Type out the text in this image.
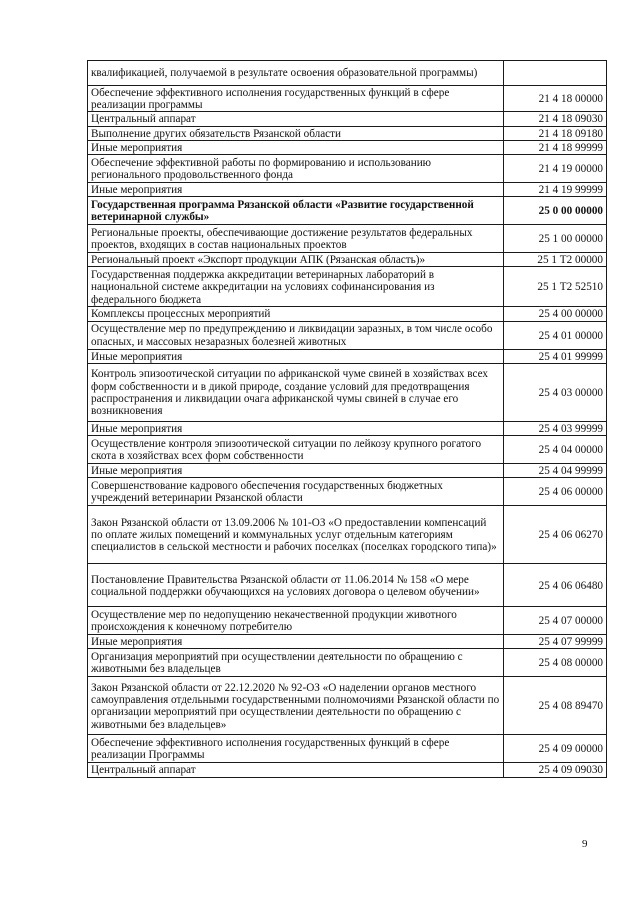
квалификацией, получаемой в результате освоения образовательной программы)	
Обеспечение эффективного исполнения государственных функций в сфере реализации программы	21 4 18 00000
Центральный аппарат	21 4 18 09030
Выполнение других обязательств Рязанской области	21 4 18 09180
Иные мероприятия	21 4 18 99999
Обеспечение эффективной работы по формированию и использованию регионального продовольственного фонда	21 4 19 00000
Иные мероприятия	21 4 19 99999
Государственная программа Рязанской области «Развитие государственной ветеринарной службы»	25 0 00 00000
Региональные проекты, обеспечивающие достижение результатов федеральных проектов, входящих в состав национальных проектов	25 1 00 00000
Региональный проект «Экспорт продукции АПК (Рязанская область)»	25 1 Т2 00000
Государственная поддержка аккредитации ветеринарных лабораторий в национальной системе аккредитации на условиях софинансирования из федерального бюджета	25 1 Т2 52510
Комплексы процессных мероприятий	25 4 00 00000
Осуществление мер по предупреждению и ликвидации заразных, в том числе особо опасных, и массовых незаразных болезней животных	25 4 01 00000
Иные мероприятия	25 4 01 99999
Контроль эпизоотической ситуации по африканской чуме свиней в хозяйствах всех форм собственности и в дикой природе, создание условий для предотвращения распространения и ликвидации очага африканской чумы свиней в случае его возникновения	25 4 03 00000
Иные мероприятия	25 4 03 99999
Осуществление контроля эпизоотической ситуации по лейкозу крупного рогатого скота в хозяйствах всех форм собственности	25 4 04 00000
Иные мероприятия	25 4 04 99999
Совершенствование кадрового обеспечения государственных бюджетных учреждений ветеринарии Рязанской области	25 4 06 00000
Закон Рязанской области от 13.09.2006 № 101-ОЗ «О предоставлении компенсаций по оплате жилых помещений и коммунальных услуг отдельным категориям специалистов в сельской местности и рабочих поселках (поселках городского типа)»	25 4 06 06270
Постановление Правительства Рязанской области от 11.06.2014 № 158 «О мере социальной поддержки обучающихся на условиях договора о целевом обучении»	25 4 06 06480
Осуществление мер по недопущению некачественной продукции животного происхождения к конечному потребителю	25 4 07 00000
Иные мероприятия	25 4 07 99999
Организация мероприятий при осуществлении деятельности по обращению с животными без владельцев	25 4 08 00000
Закон Рязанской области от 22.12.2020 № 92-ОЗ «О наделении органов местного самоуправления отдельными государственными полномочиями Рязанской области по организации мероприятий при осуществлении деятельности по обращению с животными без владельцев»	25 4 08 89470
Обеспечение эффективного исполнения государственных функций в сфере реализации Программы	25 4 09 00000
Центральный аппарат	25 4 09 09030
9
